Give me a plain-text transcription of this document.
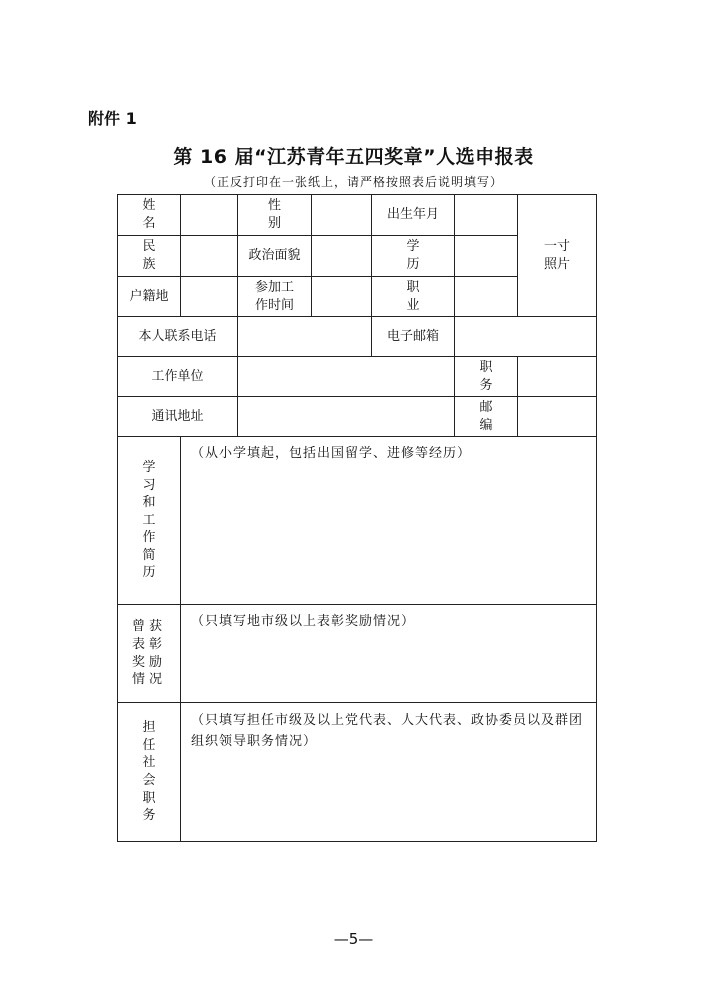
附件 1
第 16 届“江苏青年五四奖章”人选申报表
（正反打印在一张纸上，请严格按照表后说明填写）
姓名
性别
出生年月
一寸照片
民族
政治面貌
学历
户籍地
参加工作时间
职业
本人联系电话	电子邮箱
工作单位
职务
通讯地址
邮编
学习和工作简历
（从小学填起，包括出国留学、进修等经历）
曾获表彰奖励情况
（只填写地市级以上表彰奖励情况）
担任社会职务
（只填写担任市级及以上党代表、人大代表、政协委员以及群团组织领导职务情况）
—5—
